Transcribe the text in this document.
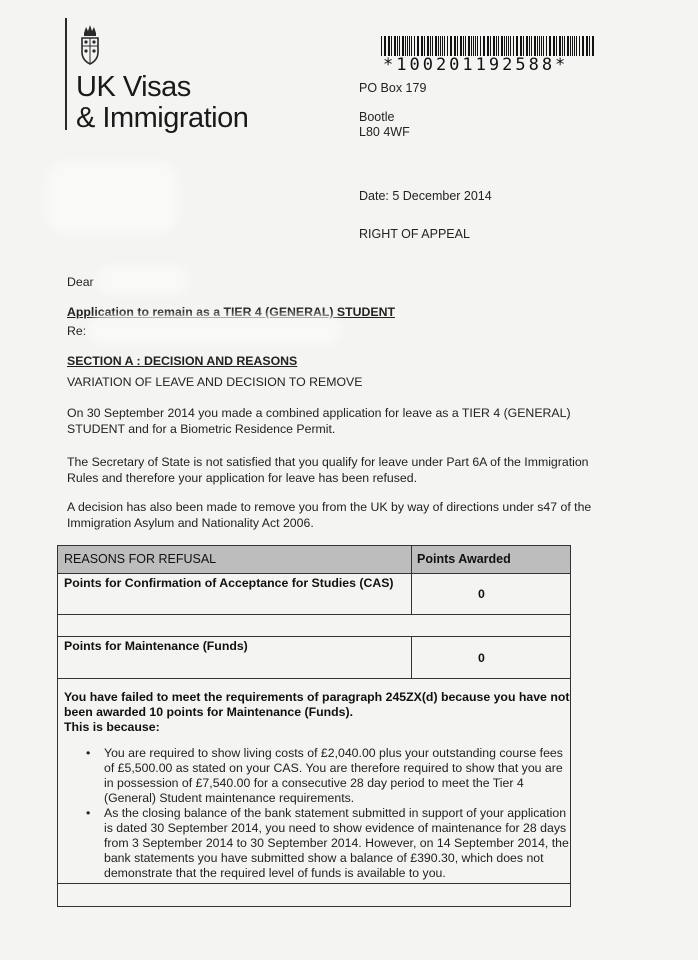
UK Visas
& Immigration
*100201192588*
PO Box 179
Bootle
L80 4WF
Date: 5 December 2014
RIGHT OF APPEAL
Dear
Application to remain as a TIER 4 (GENERAL) STUDENT
Re:
SECTION A : DECISION AND REASONS
VARIATION OF LEAVE AND DECISION TO REMOVE
On 30 September 2014 you made a combined application for leave as a TIER 4 (GENERAL)
STUDENT and for a Biometric Residence Permit.
The Secretary of State is not satisfied that you qualify for leave under Part 6A of the Immigration
Rules and therefore your application for leave has been refused.
A decision has also been made to remove you from the UK by way of directions under s47 of the
Immigration Asylum and Nationality Act 2006.
REASONS FOR REFUSAL	Points Awarded
Points for Confirmation of Acceptance for Studies (CAS)
0
Points for Maintenance (Funds)
0
You have failed to meet the requirements of paragraph 245ZX(d) because you have not
been awarded 10 points for Maintenance (Funds).
This is because:
• You are required to show living costs of £2,040.00 plus your outstanding course fees
of £5,500.00 as stated on your CAS. You are therefore required to show that you are
in possession of £7,540.00 for a consecutive 28 day period to meet the Tier 4
(General) Student maintenance requirements.
• As the closing balance of the bank statement submitted in support of your application
is dated 30 September 2014, you need to show evidence of maintenance for 28 days
from 3 September 2014 to 30 September 2014. However, on 14 September 2014, the
bank statements you have submitted show a balance of £390.30, which does not
demonstrate that the required level of funds is available to you.
